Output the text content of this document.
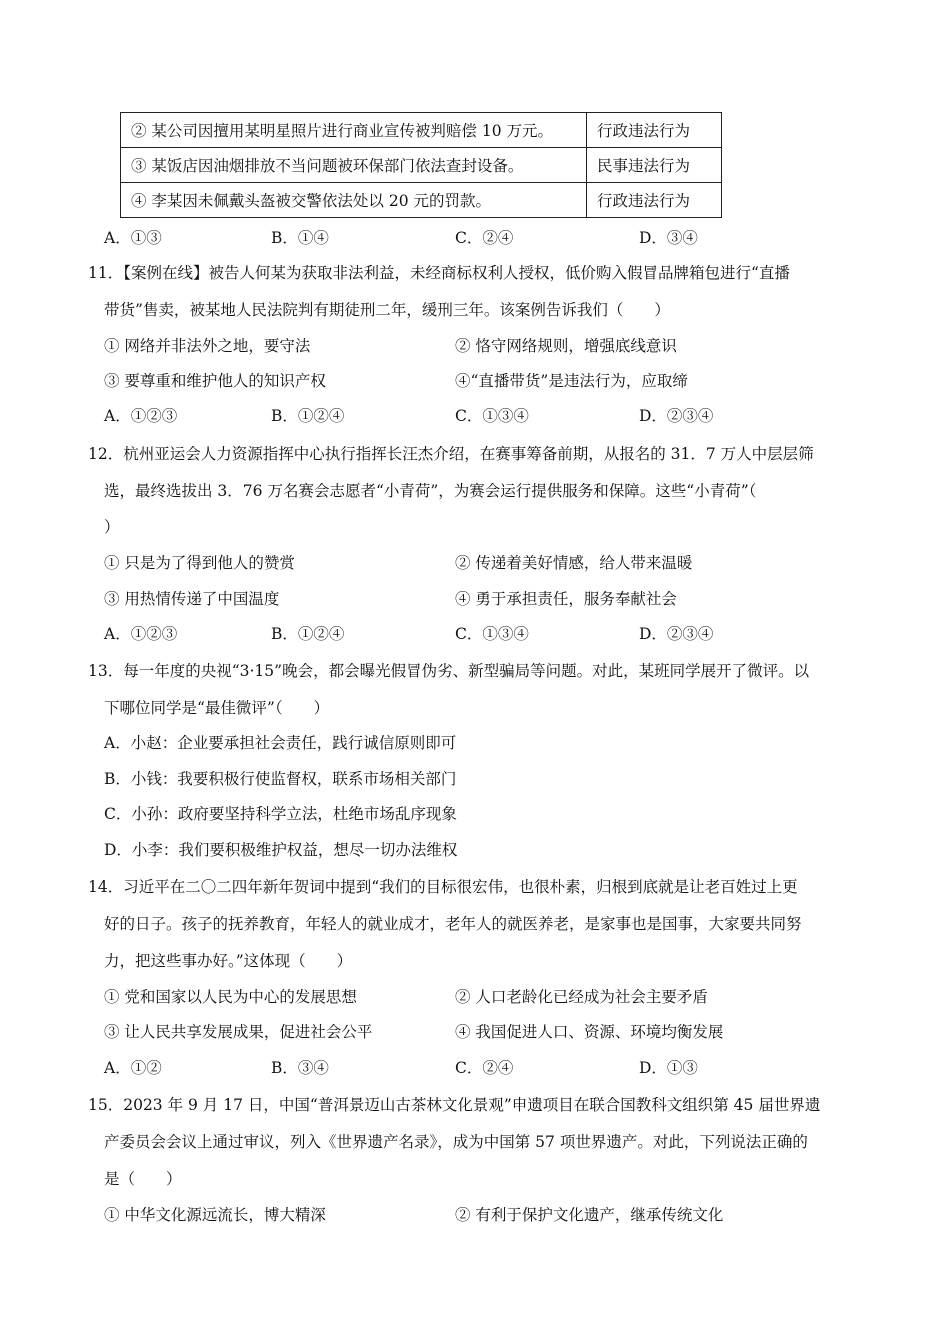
② 某公司因擅用某明星照片进行商业宣传被判赔偿 10 万元。	行政违法行为
③ 某饭店因油烟排放不当问题被环保部门依法查封设备。	民事违法行为
④ 李某因未佩戴头盔被交警依法处以 20 元的罚款。	行政违法行为
A．①③	B．①④	C．②④	D．③④
11．【案例在线】被告人何某为获取非法利益，未经商标权利人授权，低价购入假冒品牌箱包进行“直播
带货”售卖，被某地人民法院判有期徒刑二年，缓刑三年。该案例告诉我们（　　）
① 网络并非法外之地，要守法	② 恪守网络规则，增强底线意识
③ 要尊重和维护他人的知识产权	④“直播带货”是违法行为，应取缔
A．①②③	B．①②④	C．①③④	D．②③④
12．杭州亚运会人力资源指挥中心执行指挥长汪杰介绍，在赛事筹备前期，从报名的 31．7 万人中层层筛
选，最终选拔出 3．76 万名赛会志愿者“小青荷”，为赛会运行提供服务和保障。这些“小青荷”（
）
① 只是为了得到他人的赞赏	② 传递着美好情感，给人带来温暖
③ 用热情传递了中国温度	④ 勇于承担责任，服务奉献社会
A．①②③	B．①②④	C．①③④	D．②③④
13．每一年度的央视“3·15”晚会，都会曝光假冒伪劣、新型骗局等问题。对此，某班同学展开了微评。以
下哪位同学是“最佳微评”（　　）
A．小赵：企业要承担社会责任，践行诚信原则即可
B．小钱：我要积极行使监督权，联系市场相关部门
C．小孙：政府要坚持科学立法，杜绝市场乱序现象
D．小李：我们要积极维护权益，想尽一切办法维权
14．习近平在二〇二四年新年贺词中提到“我们的目标很宏伟，也很朴素，归根到底就是让老百姓过上更
好的日子。孩子的抚养教育，年轻人的就业成才，老年人的就医养老，是家事也是国事，大家要共同努
力，把这些事办好。”这体现（　　）
① 党和国家以人民为中心的发展思想	② 人口老龄化已经成为社会主要矛盾
③ 让人民共享发展成果，促进社会公平	④ 我国促进人口、资源、环境均衡发展
A．①②	B．③④	C．②④	D．①③
15．2023 年 9 月 17 日，中国“普洱景迈山古茶林文化景观”申遗项目在联合国教科文组织第 45 届世界遗
产委员会会议上通过审议，列入《世界遗产名录》，成为中国第 57 项世界遗产。对此，下列说法正确的
是（　　）
① 中华文化源远流长，博大精深	② 有利于保护文化遗产，继承传统文化
